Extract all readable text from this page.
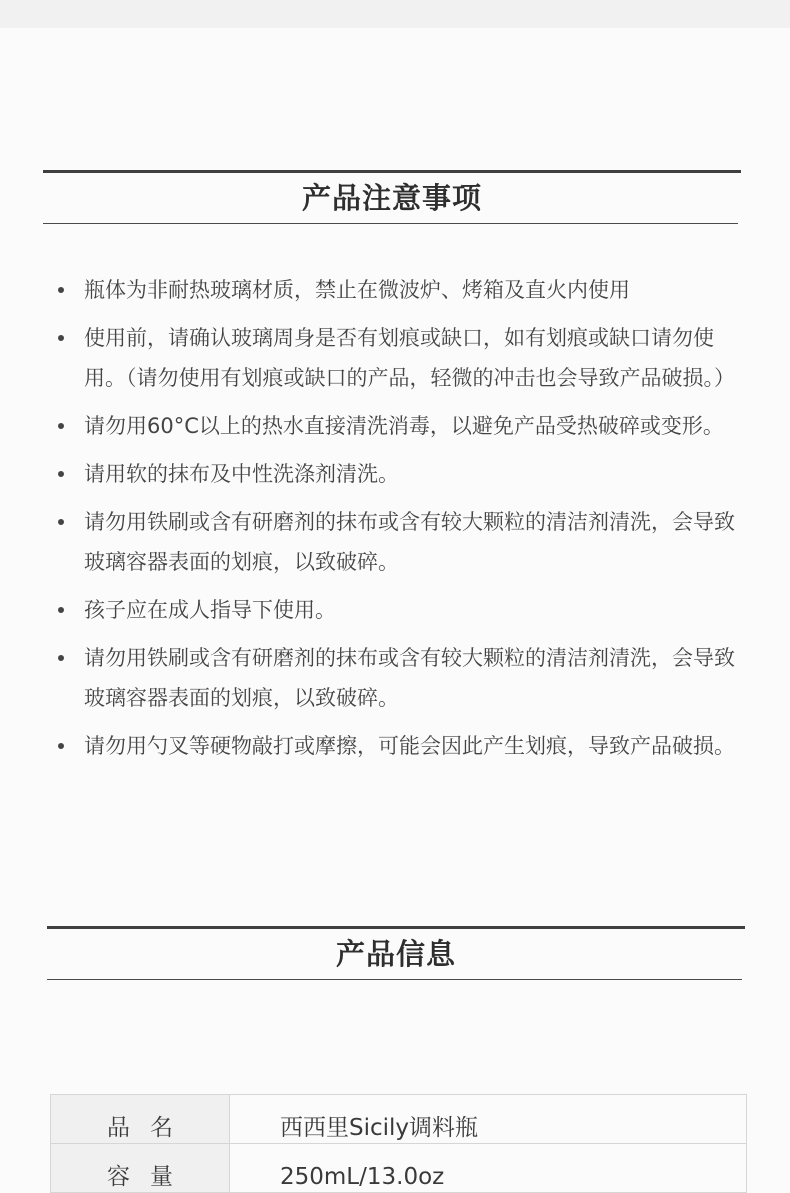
产品注意事项
瓶体为非耐热玻璃材质，禁止在微波炉、烤箱及直火内使用
使用前，请确认玻璃周身是否有划痕或缺口，如有划痕或缺口请勿使用。（请勿使用有划痕或缺口的产品，轻微的冲击也会导致产品破损。）
请勿用60°C以上的热水直接清洗消毒，以避免产品受热破碎或变形。
请用软的抹布及中性洗涤剂清洗。
请勿用铁刷或含有研磨剂的抹布或含有较大颗粒的清洁剂清洗，会导致玻璃容器表面的划痕，以致破碎。
孩子应在成人指导下使用。
请勿用铁刷或含有研磨剂的抹布或含有较大颗粒的清洁剂清洗，会导致玻璃容器表面的划痕，以致破碎。
请勿用勺叉等硬物敲打或摩擦，可能会因此产生划痕，导致产品破损。
产品信息
品名	西西里Sicily调料瓶
容量	250mL/13.0oz
